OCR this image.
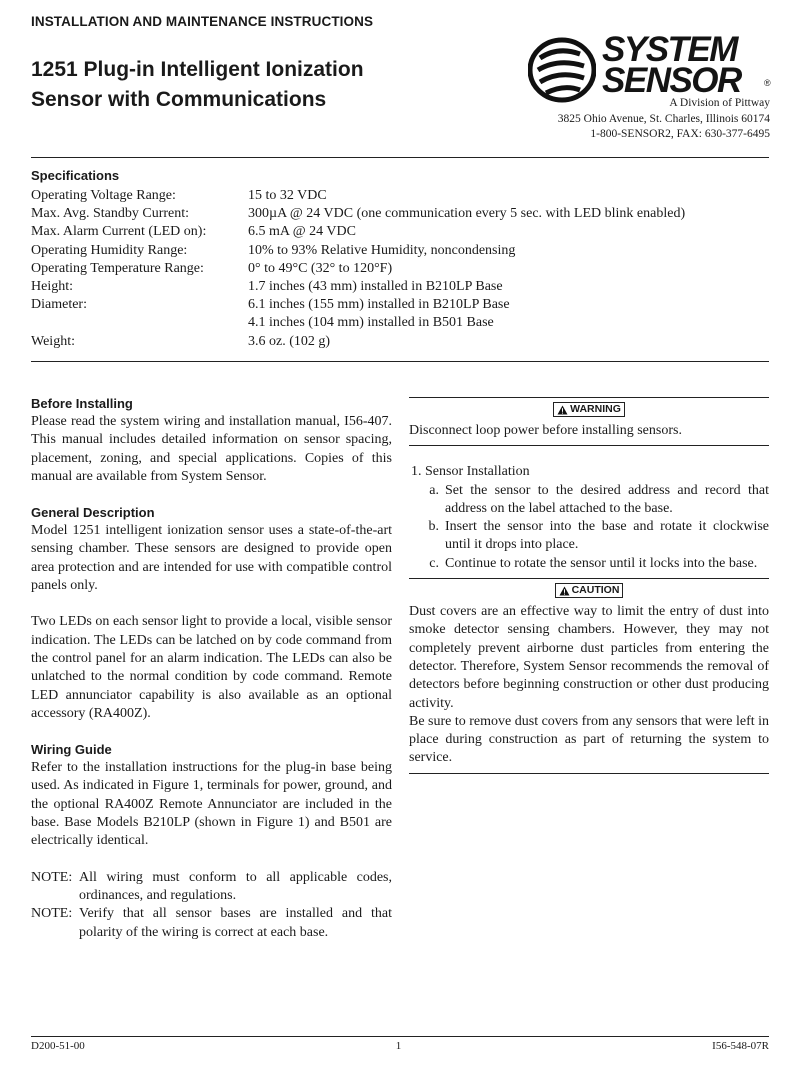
INSTALLATION AND MAINTENANCE INSTRUCTIONS
1251 Plug-in Intelligent Ionization
Sensor with Communications
SYSTEM
SENSOR	®
A Division of Pittway
3825 Ohio Avenue, St. Charles, Illinois 60174
1-800-SENSOR2, FAX: 630-377-6495
Specifications
Operating Voltage Range:	15 to 32 VDC
Max. Avg. Standby Current:	300µA @ 24 VDC (one communication every 5 sec. with LED blink enabled)
Max. Alarm Current (LED on):	6.5 mA @ 24 VDC
Operating Humidity Range:	10% to 93% Relative Humidity, noncondensing
Operating Temperature Range:	0° to 49°C (32° to 120°F)
Height:	1.7 inches (43 mm) installed in B210LP Base
Diameter:	6.1 inches (155 mm) installed in B210LP Base
	4.1 inches (104 mm) installed in B501 Base
Weight:	3.6 oz. (102 g)
Before Installing
Please read the system wiring and installation manual, I56-407. This manual includes detailed information on sensor spacing, placement, zoning, and special applications. Copies of this manual are available from System Sensor.
General Description
Model 1251 intelligent ionization sensor uses a state-of-the-art sensing chamber. These sensors are designed to provide open area protection and are intended for use with compatible control panels only.
Two LEDs on each sensor light to provide a local, visible sensor indication. The LEDs can be latched on by code command from the control panel for an alarm indication. The LEDs can also be unlatched to the normal condition by code command. Remote LED annunciator capability is also available as an optional accessory (RA400Z).
Wiring Guide
Refer to the installation instructions for the plug-in base being used. As indicated in Figure 1, terminals for power, ground, and the optional RA400Z Remote Annunciator are included in the base. Base Models B210LP (shown in Figure 1) and B501 are electrically identical.
NOTE: All wiring must conform to all applicable codes, ordinances, and regulations.
NOTE: Verify that all sensor bases are installed and that polarity of the wiring is correct at each base.
WARNING
Disconnect loop power before installing sensors.
1. Sensor Installation
a. Set the sensor to the desired address and record that address on the label attached to the base.
b. Insert the sensor into the base and rotate it clockwise until it drops into place.
c. Continue to rotate the sensor until it locks into the base.
CAUTION
Dust covers are an effective way to limit the entry of dust into smoke detector sensing chambers. However, they may not completely prevent airborne dust particles from entering the detector. Therefore, System Sensor recommends the removal of detectors before beginning construction or other dust producing activity.
Be sure to remove dust covers from any sensors that were left in place during construction as part of returning the system to service.
D200-51-00	1	I56-548-07R
